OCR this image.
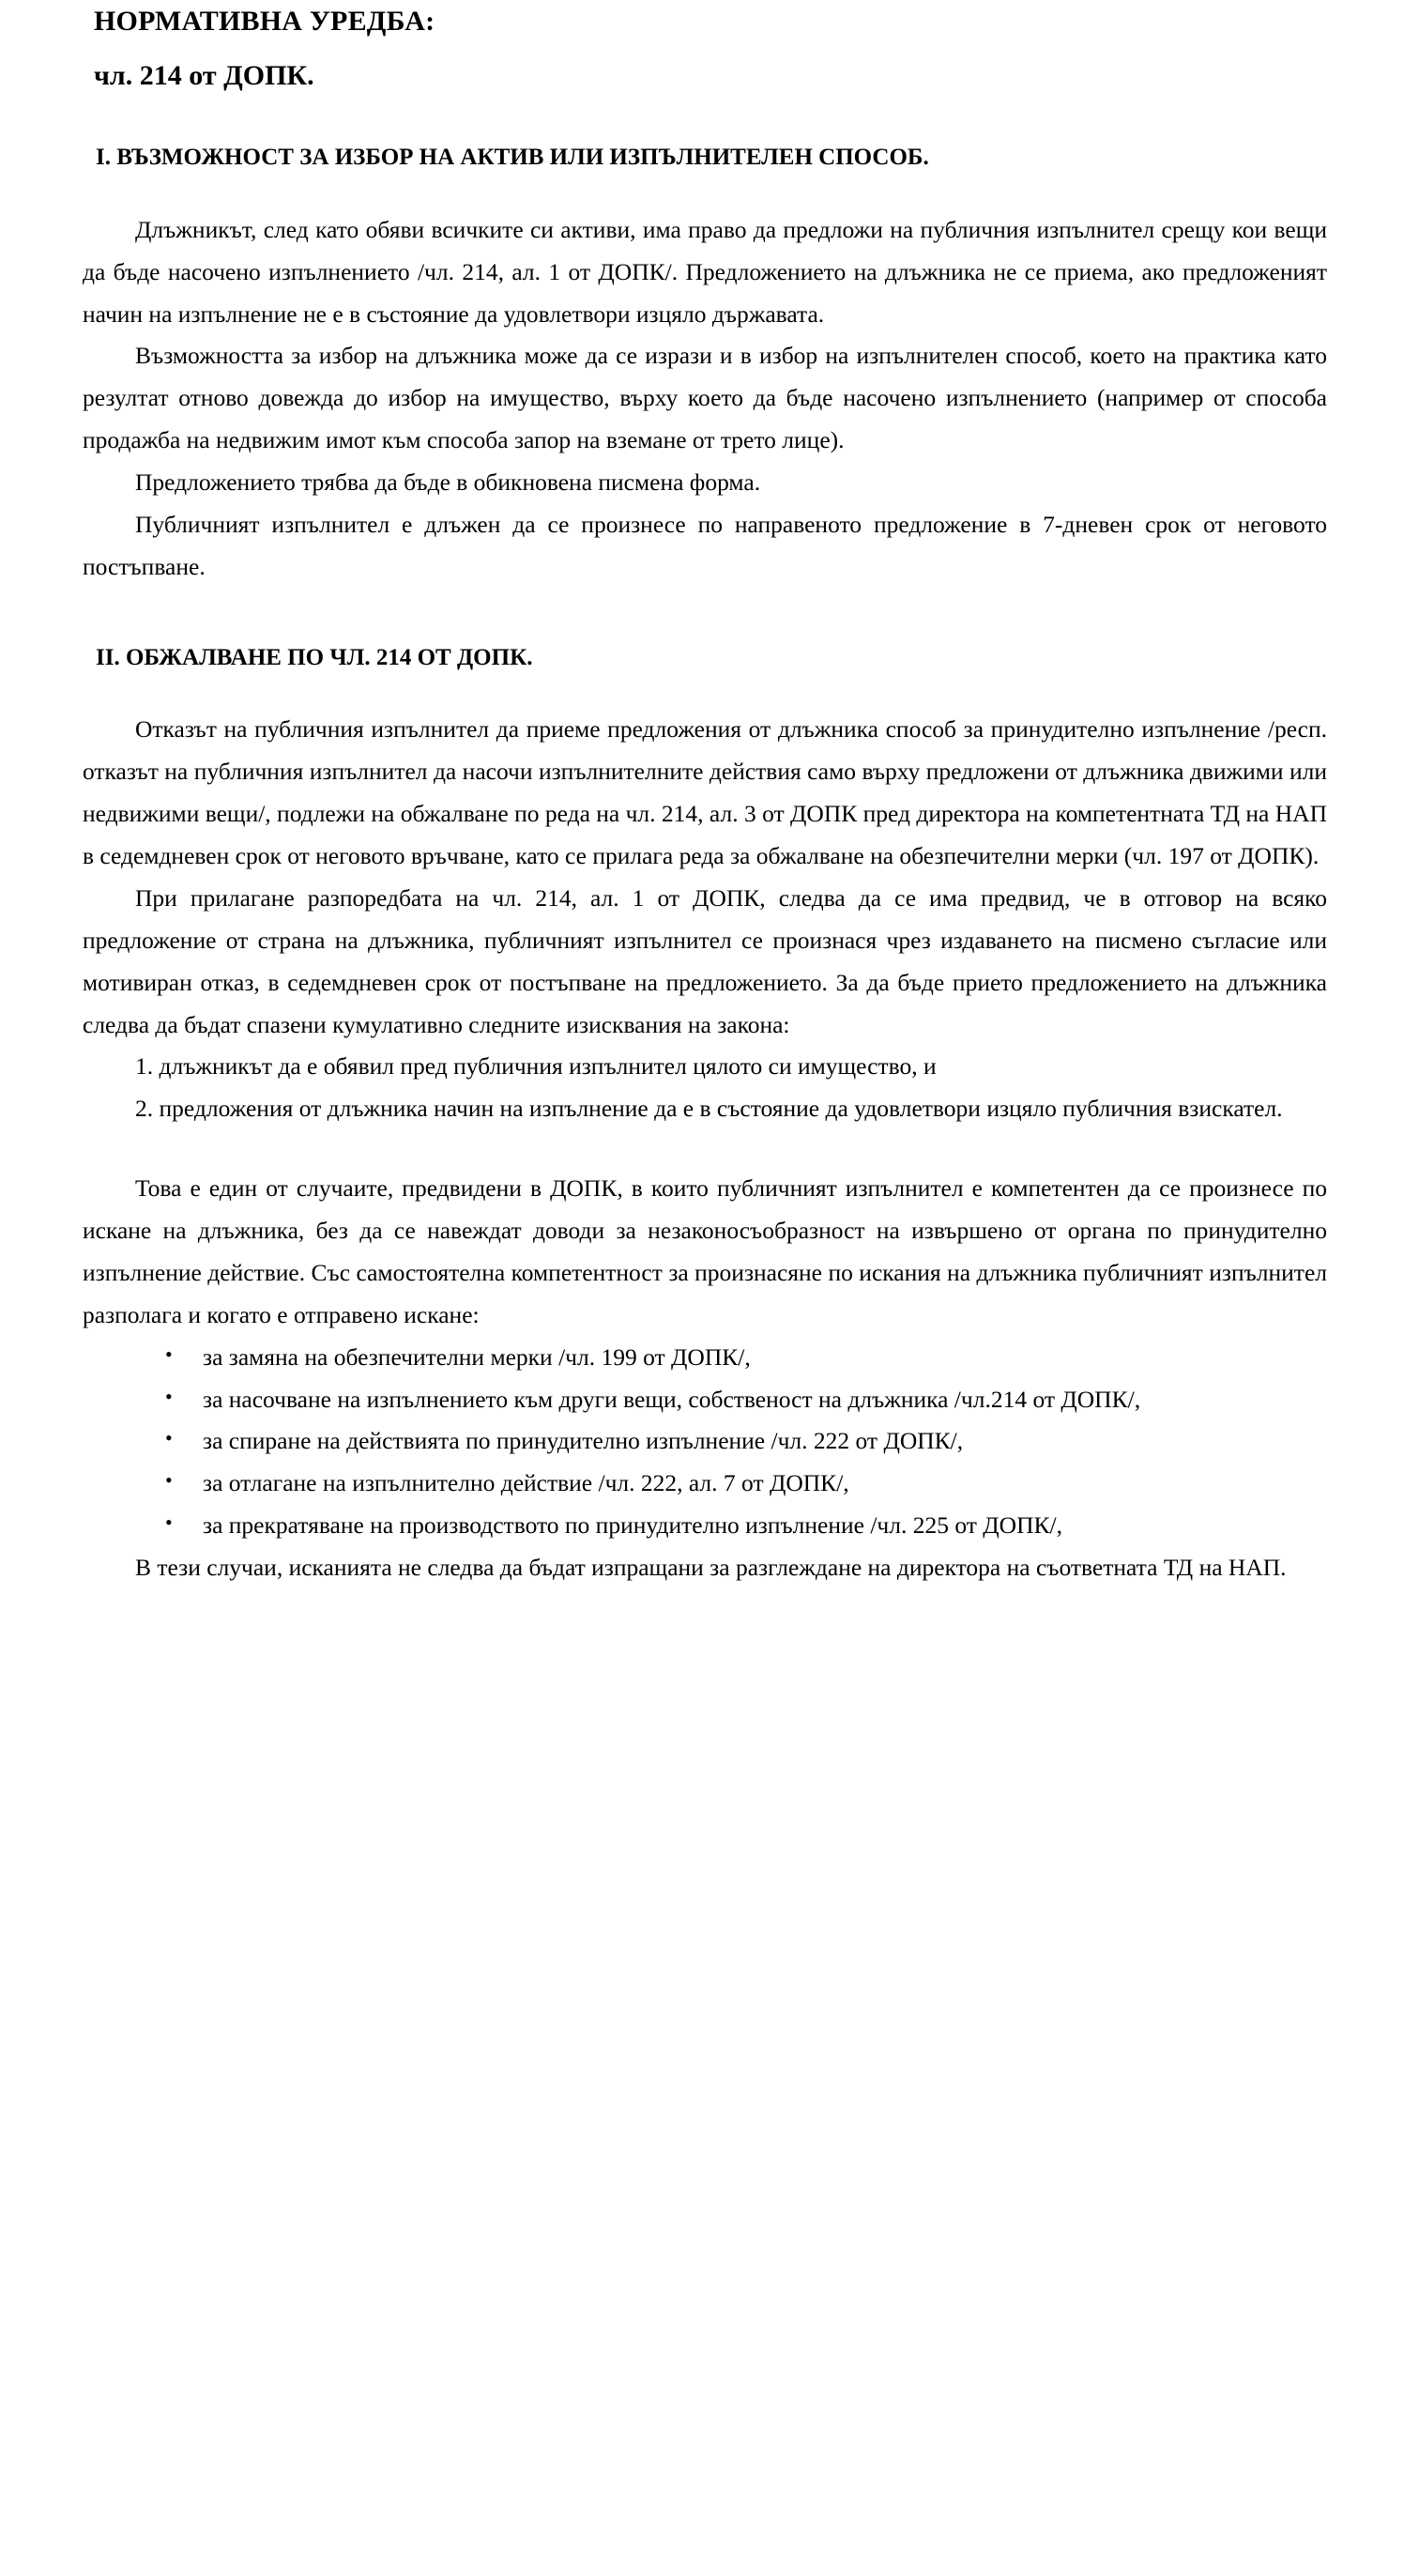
НОРМАТИВНА УРЕДБА:
чл. 214 от ДОПК.
I. ВЪЗМОЖНОСТ ЗА ИЗБОР НА АКТИВ ИЛИ ИЗПЪЛНИТЕЛЕН СПОСОБ.

Длъжникът, след като обяви всичките си активи, има право да предложи на публичния изпълнител срещу кои вещи да бъде насочено изпълнението /чл. 214, ал. 1 от ДОПК/. Предложението на длъжника не се приема, ако предложеният начин на изпълнение не е в състояние да удовлетвори изцяло държавата.

Възможността за избор на длъжника може да се изрази и в избор на изпълнителен способ, което на практика като резултат отново довежда до избор на имущество, върху което да бъде насочено изпълнението (например от способа продажба на недвижим имот към способа запор на вземане от трето лице).

Предложението трябва да бъде в обикновена писмена форма.

Публичният изпълнител е длъжен да се произнесе по направеното предложение в 7-дневен срок от неговото постъпване.

II. ОБЖАЛВАНЕ ПО ЧЛ. 214 ОТ ДОПК.

Отказът на публичния изпълнител да приеме предложения от длъжника способ за принудително изпълнение /респ. отказът на публичния изпълнител да насочи изпълнителните действия само върху предложени от длъжника движими или недвижими вещи/, подлежи на обжалване по реда на чл. 214, ал. 3 от ДОПК пред директора на компетентната ТД на НАП в седемдневен срок от неговото връчване, като се прилага реда за обжалване на обезпечителни мерки (чл. 197 от ДОПК).

При прилагане разпоредбата на чл. 214, ал. 1 от ДОПК, следва да се има предвид, че в отговор на всяко предложение от страна на длъжника, публичният изпълнител се произнася чрез издаването на писмено съгласие или мотивиран отказ, в седемдневен срок от постъпване на предложението. За да бъде прието предложението на длъжника следва да бъдат спазени кумулативно следните изисквания на закона:

1. длъжникът да е обявил пред публичния изпълнител цялото си имущество, и

2. предложения от длъжника начин на изпълнение да е в състояние да удовлетвори изцяло публичния взискател.

Това е един от случаите, предвидени в ДОПК, в които публичният изпълнител е компетентен да се произнесе по искане на длъжника, без да се навеждат доводи за незаконосъобразност на извършено от органа по принудително изпълнение действие. Със самостоятелна компетентност за произнасяне по искания на длъжника публичният изпълнител разполага и когато е отправено искане:

• за замяна на обезпечителни мерки /чл. 199 от ДОПК/,
• за насочване на изпълнението към други вещи, собственост на длъжника /чл.214 от ДОПК/,
• за спиране на действията по принудително изпълнение /чл. 222 от ДОПК/,
• за отлагане на изпълнително действие /чл. 222, ал. 7 от ДОПК/,
• за прекратяване на производството по принудително изпълнение /чл. 225 от ДОПК/,

В тези случаи, исканията не следва да бъдат изпращани за разглеждане на директора на съответната ТД на НАП.
